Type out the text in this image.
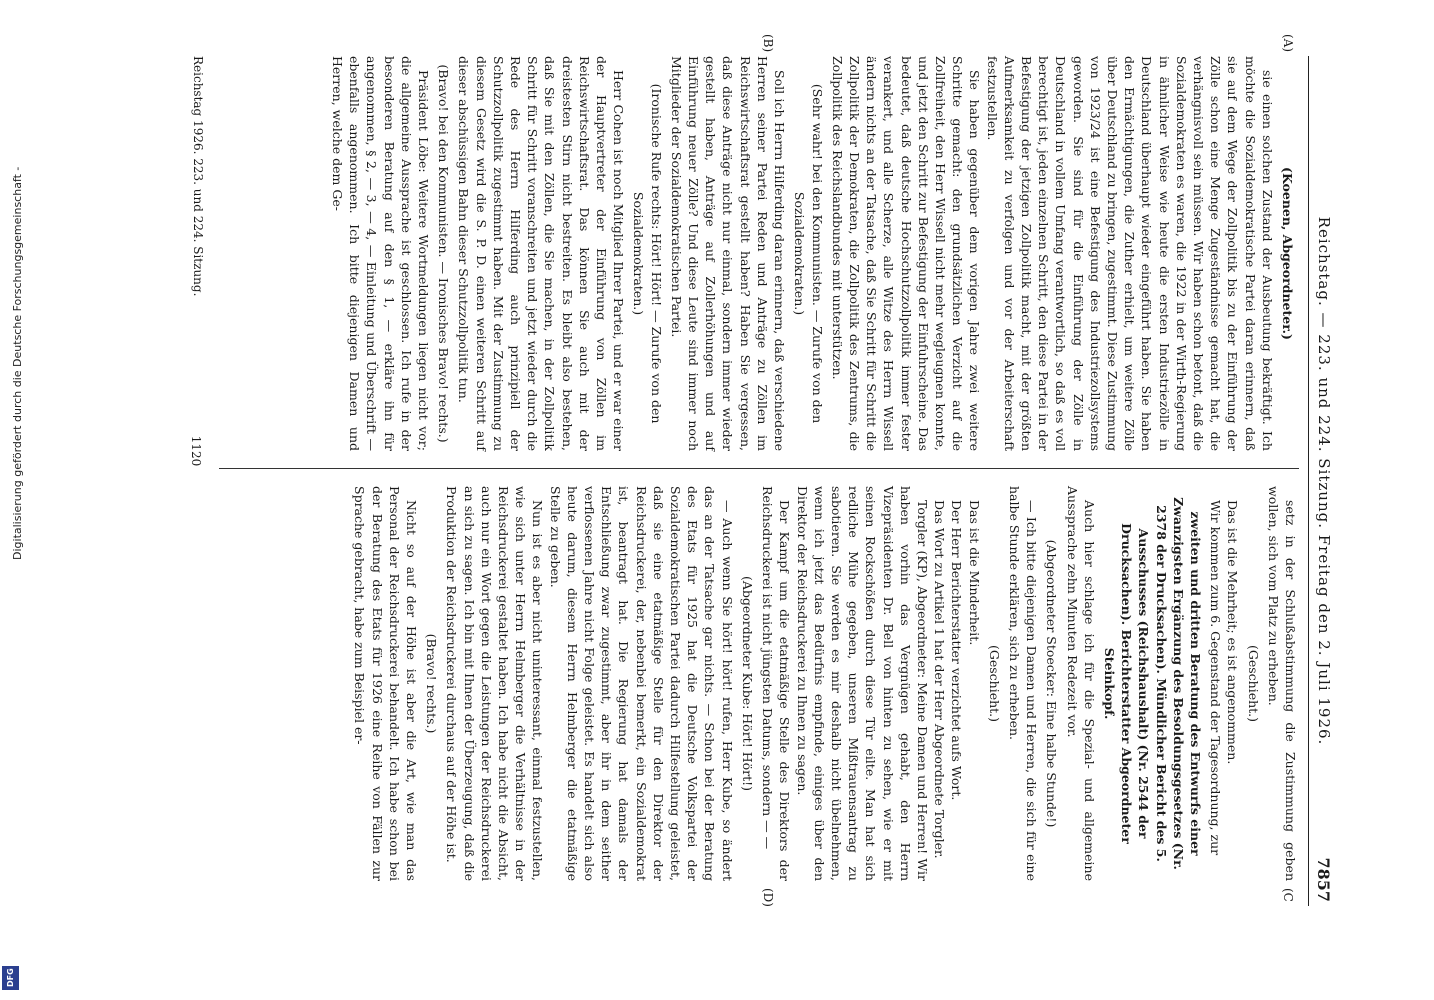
Digitalisierung gefördert durch die Deutsche Forschungsgemeinschaft -
DFG
Reichstag. — 223. und 224. Sitzung. Freitag den 2. Juli 1926.
7857
(A)
(B)
(C
(D)

(Koenen, Abgeordneter.)

sie einen solchen Zustand der Ausbeutung bekräftigt. Ich möchte die Sozialdemokratische Partei daran erinnern, daß sie auf dem Wege der Zollpolitik bis zu der Einführung der Zölle schon eine Menge Zugeständnisse gemacht hat, die verhängnisvoll sein müssen. Wir haben schon betont, daß die Sozialdemokraten es waren, die 1922 in der Wirth-Regierung in ähnlicher Weise wie heute die ersten Industriezölle in Deutschland überhaupt wieder eingeführt haben. Sie haben den Ermächtigungen, die Zuther erhielt, um weitere Zölle über Deutschland zu bringen, zugestimmt. Diese Zustimmung von 1923/24 ist eine Befestigung des Industriezollsystems geworden. Sie sind für die Einführung der Zölle in Deutschland in vollem Umfang verantwortlich, so daß es voll berechtigt ist, jeden einzelnen Schritt, den diese Partei in der Befestigung der jetzigen Zollpolitik macht, mit der größten Aufmerksamkeit zu verfolgen und vor der Arbeiterschaft festzustellen.

Sie haben gegenüber dem vorigen Jahre zwei weitere Schritte gemacht: den grundsätzlichen Verzicht auf die Zollfreiheit, den Herr Wissell nicht mehr wegleugnen konnte, und jetzt den Schritt zur Befestigung der Einfuhrscheine. Das bedeutet, daß deutsche Hochschutzzollpolitik immer fester verankert, und alle Scherze, alle Witze des Herrn Wissell ändern nichts an der Tatsache, daß Sie Schritt für Schritt die Zollpolitik der Demokraten, die Zollpolitik des Zentrums, die Zollpolitik des Reichslandbundes mit unterstützen.

(Sehr wahr! bei den Kommunisten. — Zurufe von den Sozialdemokraten.)

Soll ich Herrn Hilferding daran erinnern, daß verschiedene Herren seiner Partei Reden und Anträge zu Zöllen im Reichswirtschaftsrat gestellt haben? Haben Sie vergessen, daß diese Anträge nicht nur einmal, sondern immer wieder gestellt haben, Anträge auf Zollerhöhungen und auf Einführung neuer Zölle? Und diese Leute sind immer noch Mitglieder der Sozialdemokratischen Partei.

(Ironische Rufe rechts: Hört! Hört! — Zurufe von den Sozialdemokraten.)

Herr Cohen ist noch Mitglied Ihrer Partei, und er war einer der Hauptvertreter der Einführung von Zöllen im Reichswirtschaftsrat. Das können Sie auch mit der dreistesten Stirn nicht bestreiten. Es bleibt also bestehen, daß Sie mit den Zöllen, die Sie machen, in der Zollpolitik Schritt für Schritt voranschreiten und jetzt wieder durch die Rede des Herrn Hilferding auch prinzipiell der Schutzzollpolitik zugestimmt haben. Mit der Zustimmung zu diesem Gesetz wird die S. P. D. einen weiteren Schritt auf dieser abschüssigen Bahn dieser Schutzzollpolitik tun.

(Bravo! bei den Kommunisten. — Ironisches Bravo! rechts.)

Präsident Löbe: Weitere Wortmeldungen liegen nicht vor; die allgemeine Aussprache ist geschlossen. Ich rufe in der besonderen Beratung auf den § 1, — erkläre ihn für angenommen, § 2, — 3, — 4, — Einleitung und Überschrift — ebenfalls angenommen. Ich bitte diejenigen Damen und Herren, welche dem Ge-

setz in der Schlußabstimmung die Zustimmung geben wollen, sich vom Platz zu erheben.

(Geschieht.)

Das ist die Mehrheit; es ist angenommen.

Wir kommen zum 6. Gegenstand der Tagesordnung, zur

zweiten und dritten Beratung des Entwurfs einer Zwanzigsten Ergänzung des Besoldungsgesetzes (Nr. 2378 der Drucksachen). Mündlicher Bericht des 5. Ausschusses (Reichshaushalt) (Nr. 2544 der Drucksachen). Berichterstatter Abgeordneter Steinkopf.

Auch hier schlage ich für die Spezial- und allgemeine Aussprache zehn Minuten Redezeit vor.

(Abgeordneter Stoecker: Eine halbe Stunde!)

— Ich bitte diejenigen Damen und Herren, die sich für eine halbe Stunde erklären, sich zu erheben.

(Geschieht.)

Das ist die Minderheit.

Der Herr Berichterstatter verzichtet aufs Wort.

Das Wort zu Artikel 1 hat der Herr Abgeordnete Torgler.

Torgler (KP), Abgeordneter: Meine Damen und Herren! Wir haben vorhin das Vergnügen gehabt, den Herrn Vizepräsidenten Dr. Bell von hinten zu sehen, wie er mit seinen Rockschößen durch diese Tür eilte. Man hat sich redliche Mühe gegeben, unseren Mißtrauensantrag zu sabotieren. Sie werden es mir deshalb nicht übelnehmen, wenn ich jetzt das Bedürfnis empfinde, einiges über den Direktor der Reichsdruckerei zu Ihnen zu sagen.

Der Kampf um die etatmäßige Stelle des Direktors der Reichsdruckerei ist nicht jüngsten Datums, sondern — —

(Abgeordneter Kube: Hört! Hört!)

— Auch wenn Sie hört! hört! rufen, Herr Kube, so ändert das an der Tatsache gar nichts. — Schon bei der Beratung des Etats für 1925 hat die Deutsche Volkspartei der Sozialdemokratischen Partei dadurch Hilfestellung geleistet, daß sie eine etatmäßige Stelle für den Direktor der Reichsdruckerei, der, nebenbei bemerkt, ein Sozialdemokrat ist, beantragt hat. Die Regierung hat damals der Entschließung zwar zugestimmt, aber ihr in dem seither verflossenen Jahre nicht Folge geleistet. Es handelt sich also heute darum, diesem Herrn Helmberger die etatmäßige Stelle zu geben.

Nun ist es aber nicht uninteressant, einmal festzustellen, wie sich unter Herrn Helmberger die Verhältnisse in der Reichsdruckerei gestaltet haben. Ich habe nicht die Absicht, auch nur ein Wort gegen die Leistungen der Reichsdruckerei an sich zu sagen. Ich bin mit Ihnen der Überzeugung, daß die Produktion der Reichsdruckerei durchaus auf der Höhe ist.

(Bravo! rechts.)

Nicht so auf der Höhe ist aber die Art, wie man das Personal der Reichsdruckerei behandelt. Ich habe schon bei der Beratung des Etats für 1926 eine Reihe von Fällen zur Sprache gebracht, habe zum Beispiel er-

Reichstag 1926. 223. und 224. Sitzung.
1120
